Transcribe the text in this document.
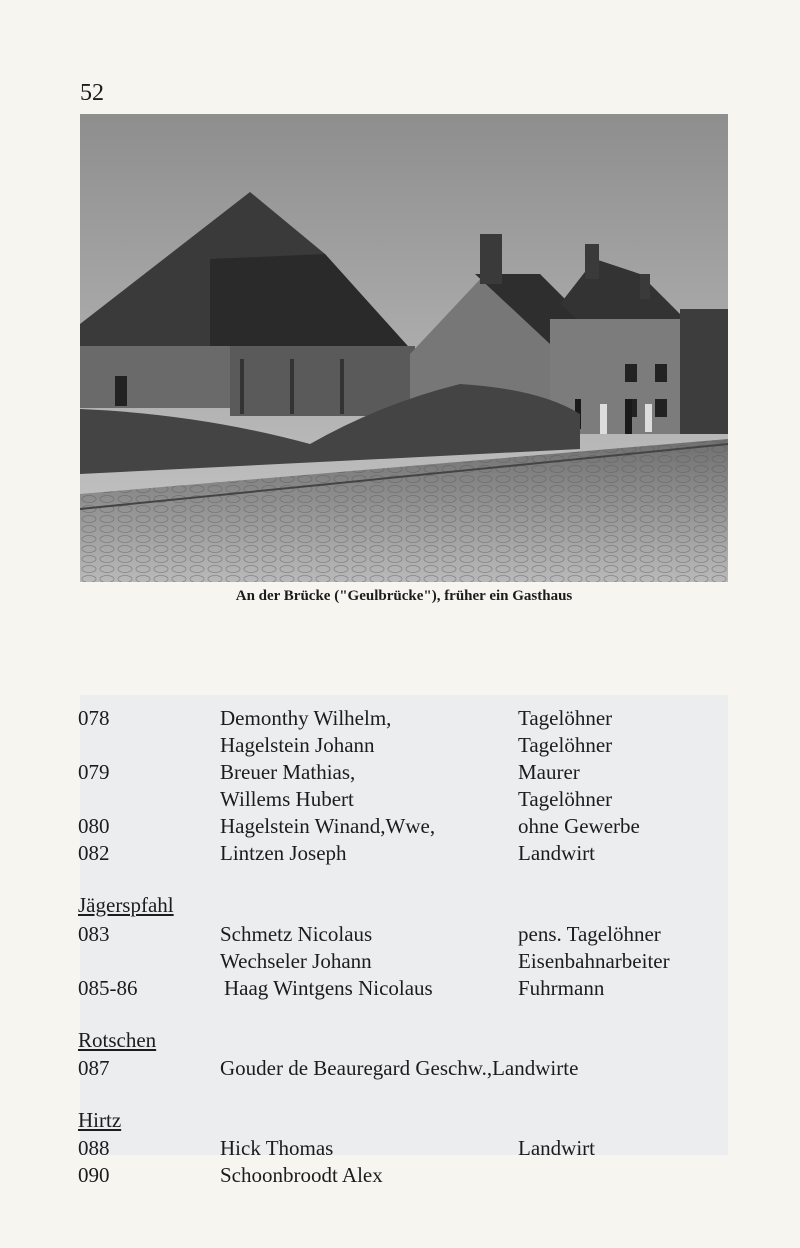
52
An der Brücke ("Geulbrücke"), früher ein Gasthaus
078	Demonthy Wilhelm,	Tagelöhner
Hagelstein Johann	Tagelöhner
079	Breuer Mathias,	Maurer
Willems Hubert	Tagelöhner
080	Hagelstein Winand,Wwe,	ohne Gewerbe
082	Lintzen Joseph	Landwirt
Jägerspfahl
083	Schmetz Nicolaus	pens. Tagelöhner
Wechseler Johann	Eisenbahnarbeiter
085-86	Haag Wintgens Nicolaus	Fuhrmann
Rotschen
087	Gouder de Beauregard Geschw.,Landwirte
Hirtz
088	Hick Thomas	Landwirt
090	Schoonbroodt Alex
